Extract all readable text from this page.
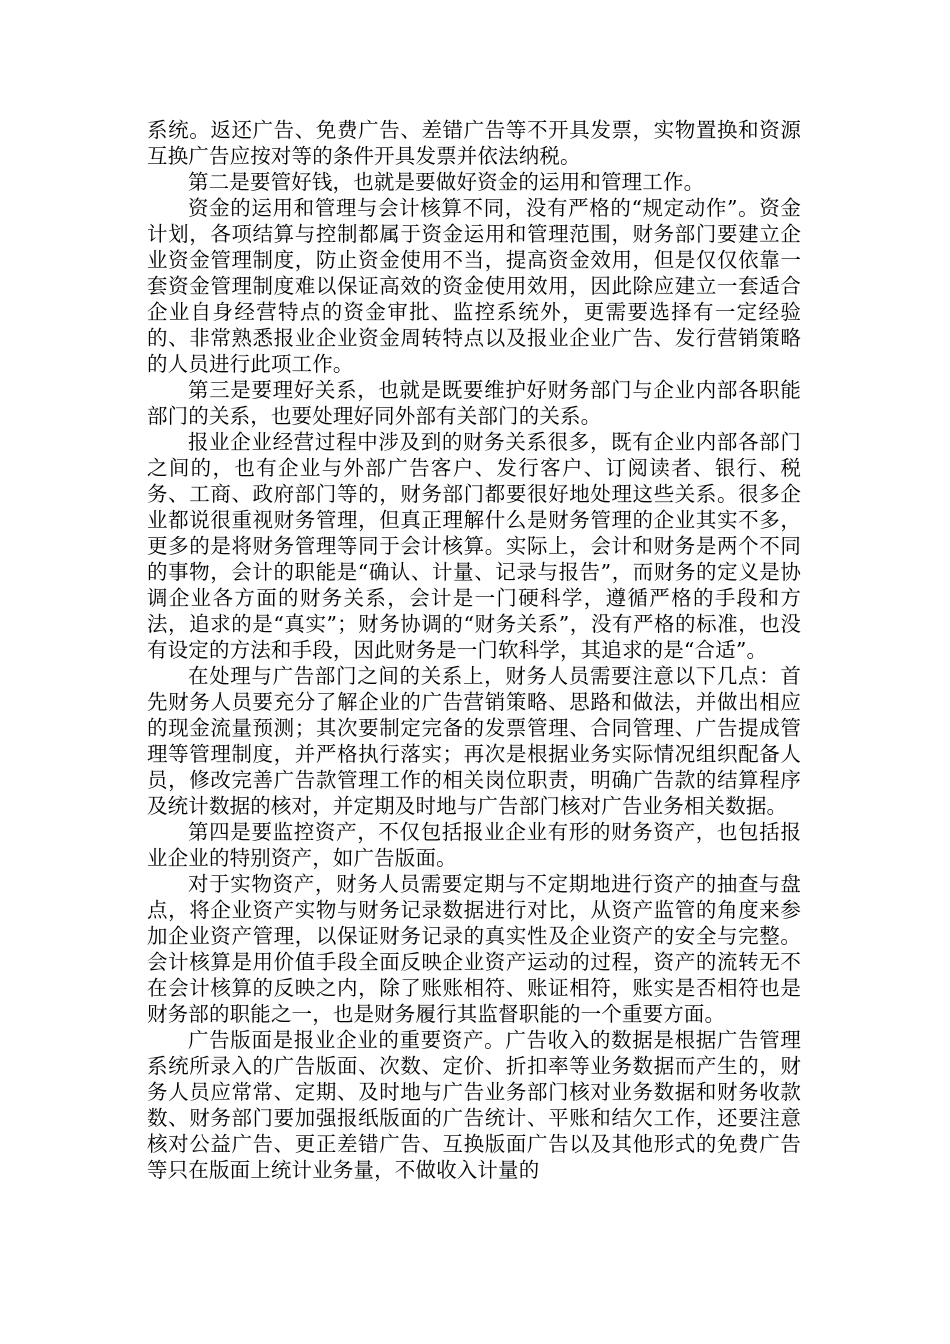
系统。返还广告、免费广告、差错广告等不开具发票，实物置换和资源互换广告应按对等的条件开具发票并依法纳税。

第二是要管好钱，也就是要做好资金的运用和管理工作。

资金的运用和管理与会计核算不同，没有严格的“规定动作”。资金计划，各项结算与控制都属于资金运用和管理范围，财务部门要建立企业资金管理制度，防止资金使用不当，提高资金效用，但是仅仅依靠一套资金管理制度难以保证高效的资金使用效用，因此除应建立一套适合企业自身经营特点的资金审批、监控系统外，更需要选择有一定经验的、非常熟悉报业企业资金周转特点以及报业企业广告、发行营销策略的人员进行此项工作。

第三是要理好关系，也就是既要维护好财务部门与企业内部各职能部门的关系，也要处理好同外部有关部门的关系。

报业企业经营过程中涉及到的财务关系很多，既有企业内部各部门之间的，也有企业与外部广告客户、发行客户、订阅读者、银行、税务、工商、政府部门等的，财务部门都要很好地处理这些关系。很多企业都说很重视财务管理，但真正理解什么是财务管理的企业其实不多，更多的是将财务管理等同于会计核算。实际上，会计和财务是两个不同的事物，会计的职能是“确认、计量、记录与报告”，而财务的定义是协调企业各方面的财务关系，会计是一门硬科学，遵循严格的手段和方法，追求的是“真实”；财务协调的“财务关系”，没有严格的标准，也没有设定的方法和手段，因此财务是一门软科学，其追求的是“合适”。

在处理与广告部门之间的关系上，财务人员需要注意以下几点：首先财务人员要充分了解企业的广告营销策略、思路和做法，并做出相应的现金流量预测；其次要制定完备的发票管理、合同管理、广告提成管理等管理制度，并严格执行落实；再次是根据业务实际情况组织配备人员，修改完善广告款管理工作的相关岗位职责，明确广告款的结算程序及统计数据的核对，并定期及时地与广告部门核对广告业务相关数据。

第四是要监控资产，不仅包括报业企业有形的财务资产，也包括报业企业的特别资产，如广告版面。

对于实物资产，财务人员需要定期与不定期地进行资产的抽查与盘点，将企业资产实物与财务记录数据进行对比，从资产监管的角度来参加企业资产管理，以保证财务记录的真实性及企业资产的安全与完整。会计核算是用价值手段全面反映企业资产运动的过程，资产的流转无不在会计核算的反映之内，除了账账相符、账证相符，账实是否相符也是财务部的职能之一，也是财务履行其监督职能的一个重要方面。

广告版面是报业企业的重要资产。广告收入的数据是根据广告管理系统所录入的广告版面、次数、定价、折扣率等业务数据而产生的，财务人员应常常、定期、及时地与广告业务部门核对业务数据和财务收款数、财务部门要加强报纸版面的广告统计、平账和结欠工作，还要注意核对公益广告、更正差错广告、互换版面广告以及其他形式的免费广告等只在版面上统计业务量，不做收入计量的
